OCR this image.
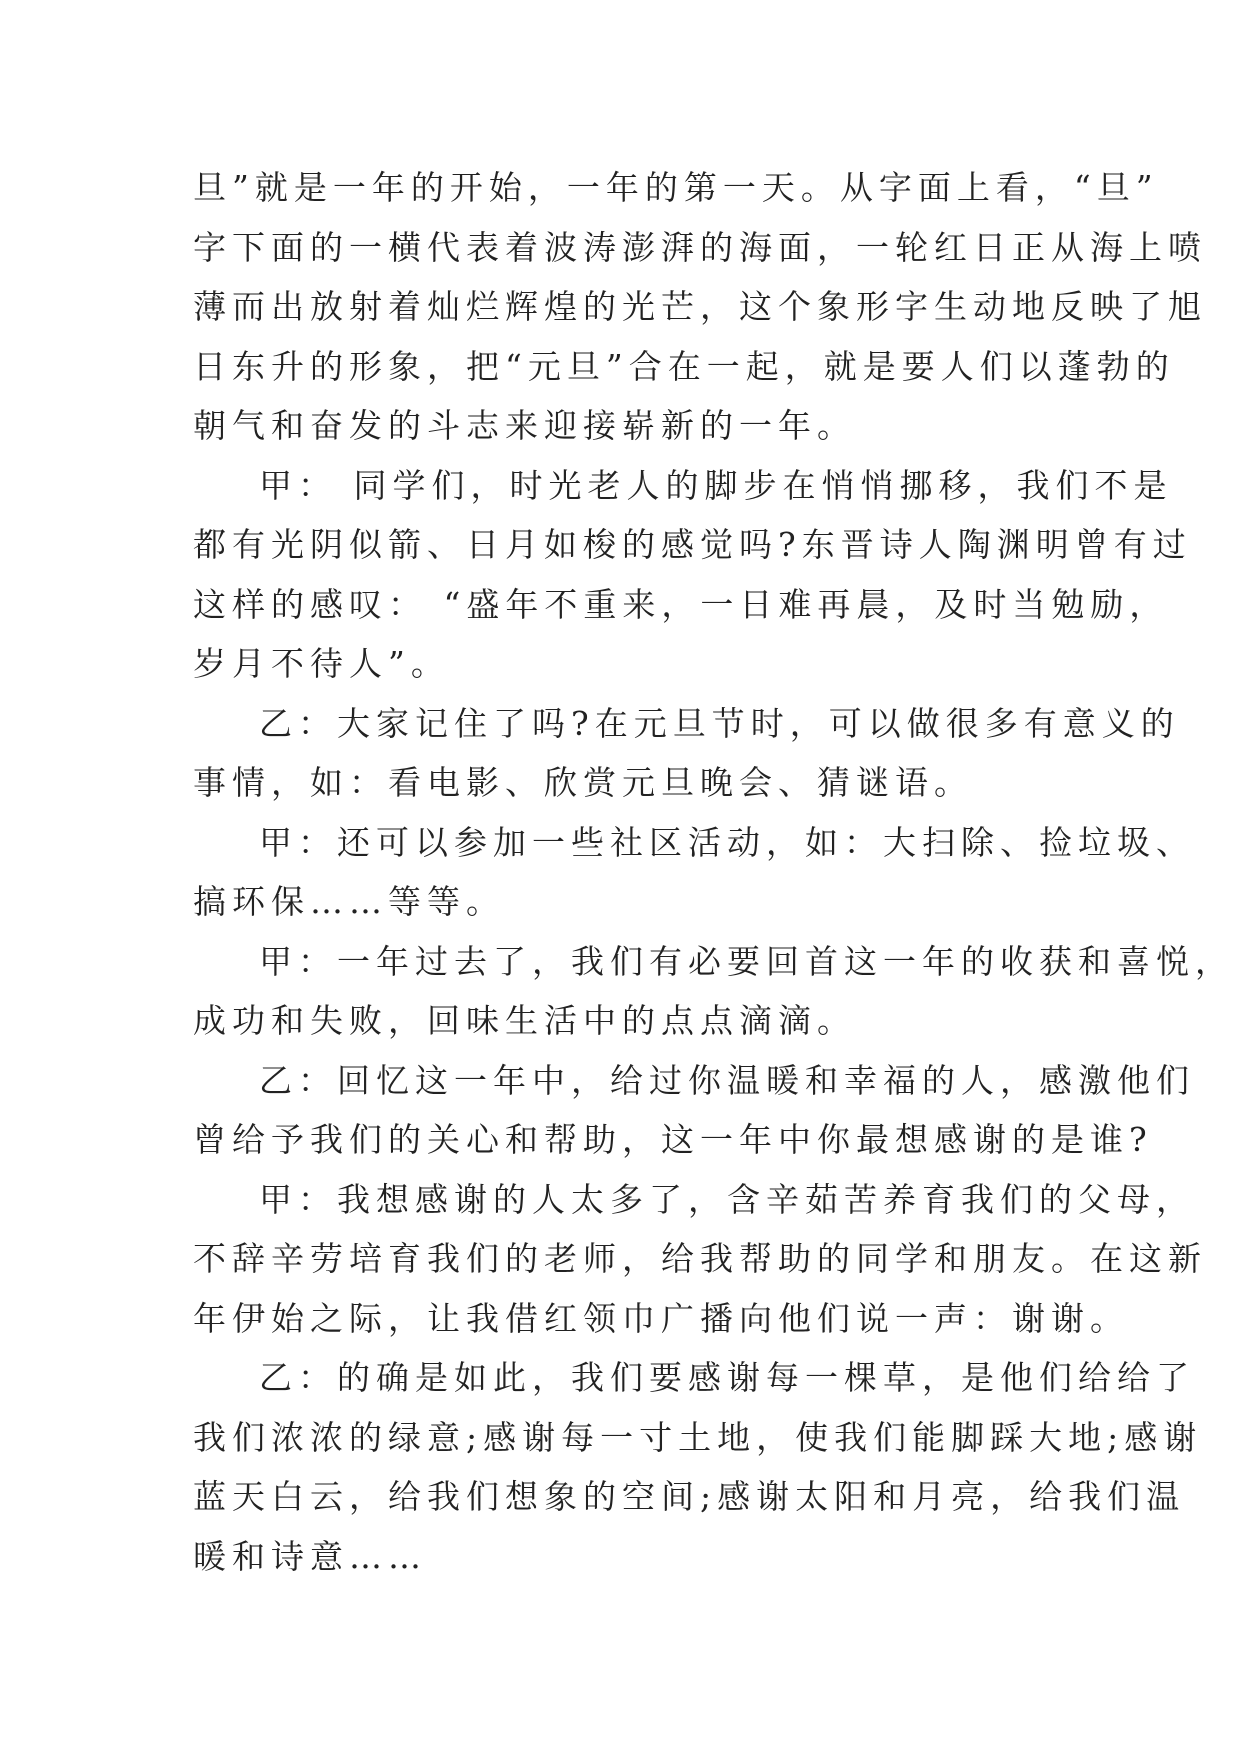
旦”就是一年的开始，一年的第一天。从字面上看，“旦”
字下面的一横代表着波涛澎湃的海面，一轮红日正从海上喷
薄而出放射着灿烂辉煌的光芒，这个象形字生动地反映了旭
日东升的形象，把“元旦”合在一起，就是要人们以蓬勃的
朝气和奋发的斗志来迎接崭新的一年。
甲： 同学们，时光老人的脚步在悄悄挪移，我们不是
都有光阴似箭、日月如梭的感觉吗?东晋诗人陶渊明曾有过
这样的感叹： “盛年不重来，一日难再晨，及时当勉励，
岁月不待人”。
乙：大家记住了吗?在元旦节时，可以做很多有意义的
事情，如：看电影、欣赏元旦晚会、猜谜语。
甲：还可以参加一些社区活动，如：大扫除、捡垃圾、
搞环保……等等。
甲：一年过去了，我们有必要回首这一年的收获和喜悦，
成功和失败，回味生活中的点点滴滴。
乙：回忆这一年中，给过你温暖和幸福的人，感激他们
曾给予我们的关心和帮助，这一年中你最想感谢的是谁?
甲：我想感谢的人太多了，含辛茹苦养育我们的父母，
不辞辛劳培育我们的老师，给我帮助的同学和朋友。在这新
年伊始之际，让我借红领巾广播向他们说一声：谢谢。
乙：的确是如此，我们要感谢每一棵草，是他们给给了
我们浓浓的绿意;感谢每一寸土地，使我们能脚踩大地;感谢
蓝天白云，给我们想象的空间;感谢太阳和月亮，给我们温
暖和诗意……
